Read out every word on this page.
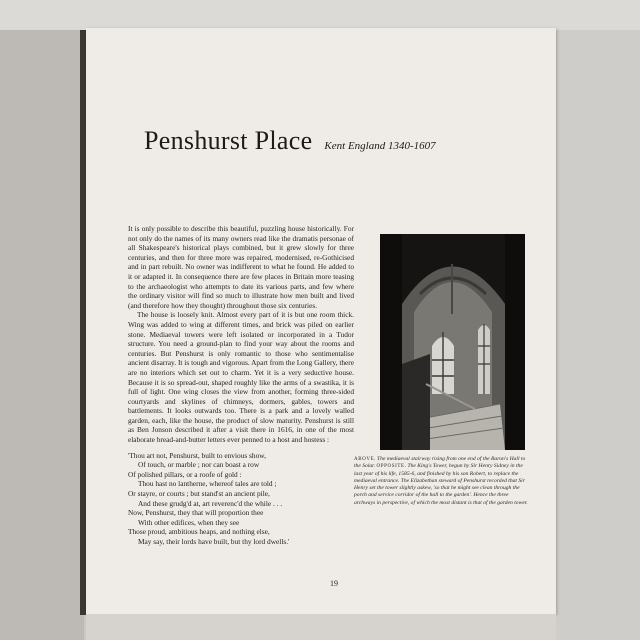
Penshurst Place Kent England 1340-1607

It is only possible to describe this beautiful, puzzling house historically. For not only do the names of its many owners read like the dramatis personae of all Shakespeare's historical plays combined, but it grew slowly for three centuries, and then for three more was repaired, modernised, re-Gothicised and in part rebuilt. No owner was indifferent to what he found. He added to it or adapted it. In consequence there are few places in Britain more teasing to the archaeologist who attempts to date its various parts, and few where the ordinary visitor will find so much to illustrate how men built and lived (and therefore how they thought) throughout those six centuries.

The house is loosely knit. Almost every part of it is but one room thick. Wing was added to wing at different times, and brick was piled on earlier stone. Mediaeval towers were left isolated or incorporated in a Tudor structure. You need a ground-plan to find your way about the rooms and centuries. But Penshurst is only romantic to those who sentimentalise ancient disarray. It is tough and vigorous. Apart from the Long Gallery, there are no interiors which set out to charm. Yet it is a very seductive house. Because it is so spread-out, shaped roughly like the arms of a swastika, it is full of light. One wing closes the view from another, forming three-sided courtyards and skylines of chimneys, dormers, gables, towers and battlements. It looks outwards too. There is a park and a lovely walled garden, each, like the house, the product of slow maturity. Penshurst is still as Ben Jonson described it after a visit there in 1616, in one of the most elaborate bread-and-butter letters ever penned to a host and hostess :

'Thou art not, Penshurst, built to envious show,
Of touch, or marble ; nor can boast a row
Of polished pillars, or a roofe of gold :
Thou hast no lantherne, whereof tales are told ;
Or stayre, or courts ; but stand'st an ancient pile,
And these grudg'd at, art reverenc'd the while . . .
Now, Penshurst, they that will proportion thee
With other edifices, when they see
Those proud, ambitious heaps, and nothing else,
May say, their lords have built, but thy lord dwells.'
ABOVE. The mediaeval stairway rising from one end of the Baron's Hall to the Solar. OPPOSITE. The King's Tower, begun by Sir Henry Sidney in the last year of his life, 1585-6, and finished by his son Robert, to replace the mediaeval entrance. The Elizabethan steward of Penshurst recorded that Sir Henry set the tower slightly askew, 'so that he might see clean through the porch and service corridor of the hall to the garden'. Hence the three archways in perspective, of which the most distant is that of the garden tower.
19
